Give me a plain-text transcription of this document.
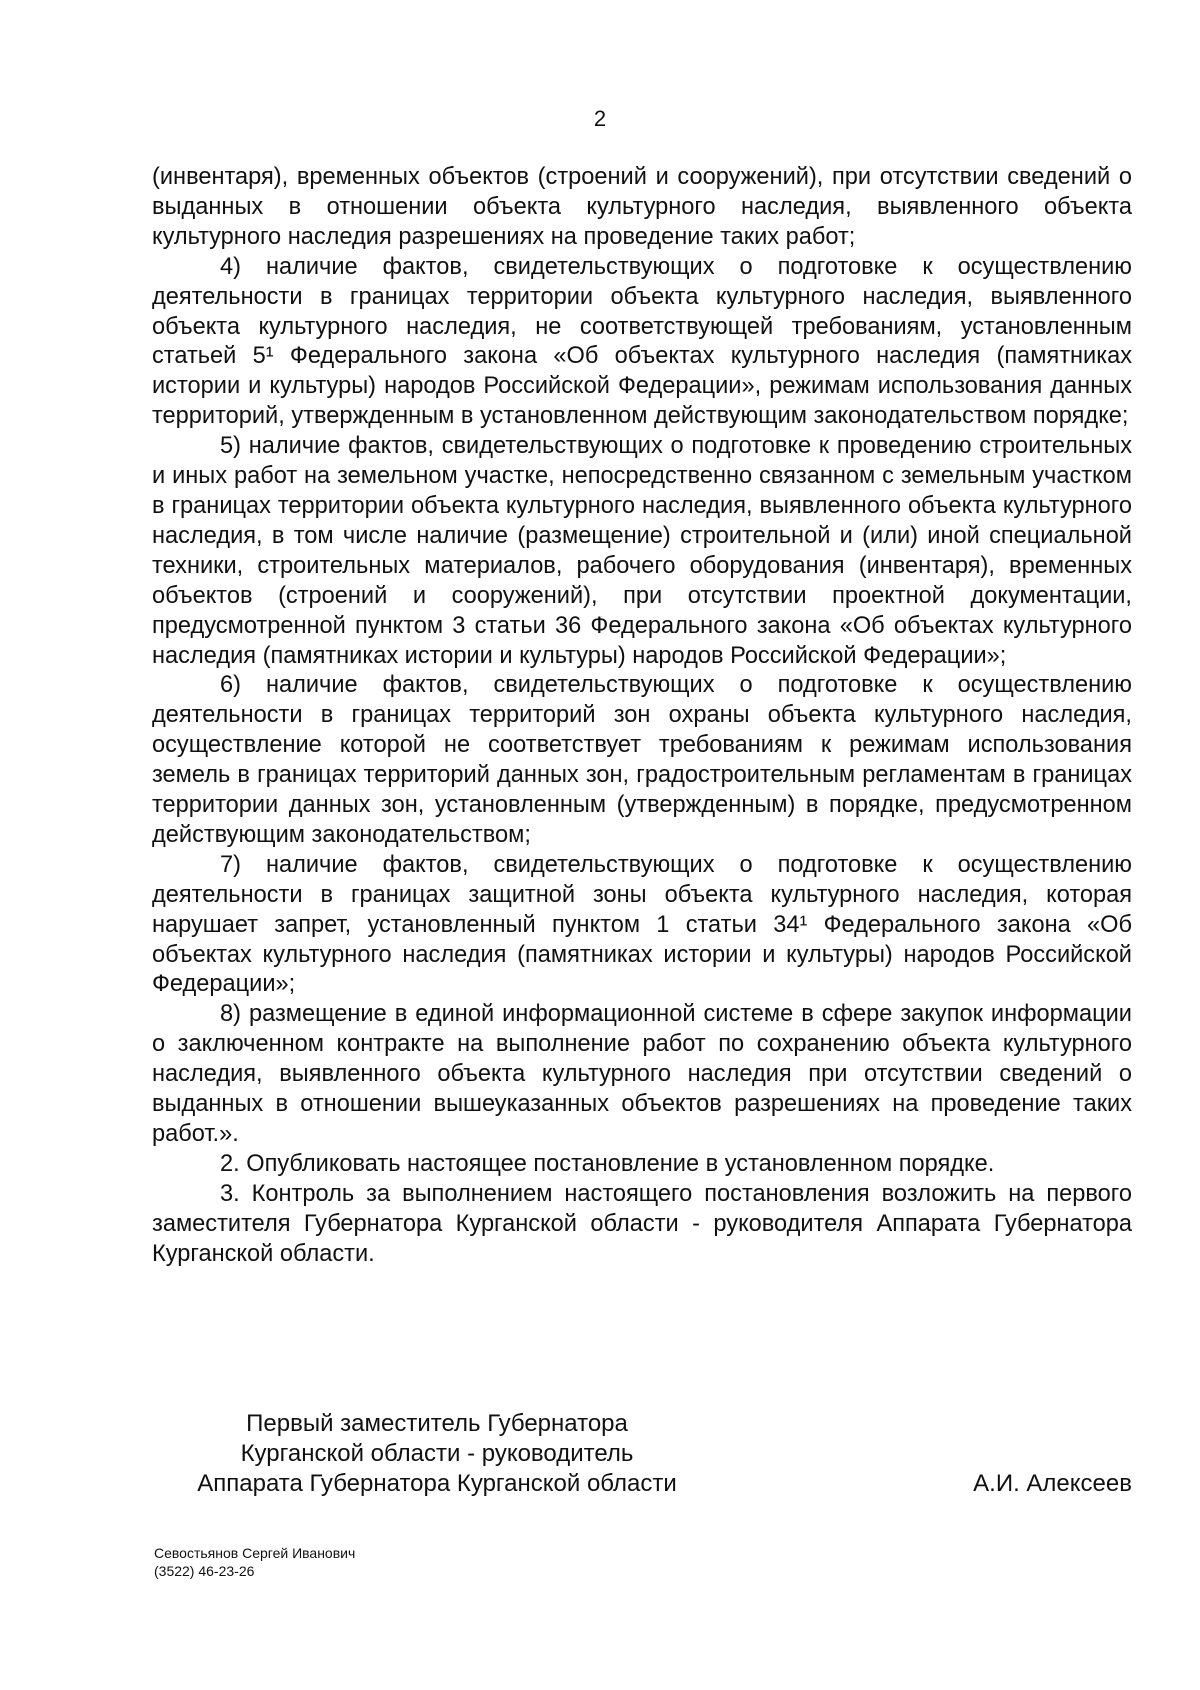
2

(инвентаря), временных объектов (строений и сооружений), при отсутствии сведений о выданных в отношении объекта культурного наследия, выявленного объекта культурного наследия разрешениях на проведение таких работ;

4) наличие фактов, свидетельствующих о подготовке к осуществлению деятельности в границах территории объекта культурного наследия, выявленного объекта культурного наследия, не соответствующей требованиям, установленным статьей 5¹ Федерального закона «Об объектах культурного наследия (памятниках истории и культуры) народов Российской Федерации», режимам использования данных территорий, утвержденным в установленном действующим законодательством порядке;

5) наличие фактов, свидетельствующих о подготовке к проведению строительных и иных работ на земельном участке, непосредственно связанном с земельным участком в границах территории объекта культурного наследия, выявленного объекта культурного наследия, в том числе наличие (размещение) строительной и (или) иной специальной техники, строительных материалов, рабочего оборудования (инвентаря), временных объектов (строений и сооружений), при отсутствии проектной документации, предусмотренной пунктом 3 статьи 36 Федерального закона «Об объектах культурного наследия (памятниках истории и культуры) народов Российской Федерации»;

6) наличие фактов, свидетельствующих о подготовке к осуществлению деятельности в границах территорий зон охраны объекта культурного наследия, осуществление которой не соответствует требованиям к режимам использования земель в границах территорий данных зон, градостроительным регламентам в границах территории данных зон, установленным (утвержденным) в порядке, предусмотренном действующим законодательством;

7) наличие фактов, свидетельствующих о подготовке к осуществлению деятельности в границах защитной зоны объекта культурного наследия, которая нарушает запрет, установленный пунктом 1 статьи 34¹ Федерального закона «Об объектах культурного наследия (памятниках истории и культуры) народов Российской Федерации»;

8) размещение в единой информационной системе в сфере закупок информации о заключенном контракте на выполнение работ по сохранению объекта культурного наследия, выявленного объекта культурного наследия при отсутствии сведений о выданных в отношении вышеуказанных объектов разрешениях на проведение таких работ.».

2. Опубликовать настоящее постановление в установленном порядке.

3. Контроль за выполнением настоящего постановления возложить на первого заместителя Губернатора Курганской области - руководителя Аппарата Губернатора Курганской области.

Первый заместитель Губернатора
Курганской области - руководитель
Аппарата Губернатора Курганской области	А.И. Алексеев
Севостьянов Сергей Иванович
(3522) 46-23-26
